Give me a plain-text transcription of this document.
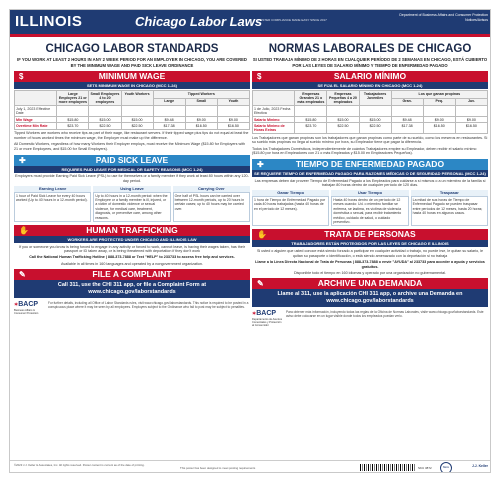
ILLINOIS	Chicago Labor Laws
POSTER COMPLIANCE MADE EASY SINCE 2017
Department of Business Affairs and Consumer Protection
Notices/Avisos
CHICAGO LABOR STANDARDS
IF YOU WORK AT LEAST 2 HOURS IN ANY 2 WEEK PERIOD FOR AN EMPLOYER IN CHICAGO, YOU ARE COVERED BY THE MINIMUM WAGE AND PAID SICK LEAVE ORDINANCE
$	MINIMUM WAGE
SETS MINIMUM WAGE IN CHICAGO (MCC 1-24)
	Large Employers 21 or more employees	Small Employers 4 to 20 employees	Youth Workers	Tipped Workers		
				Large	Small	Youth
July 1, 2023 Effective Date						
Min Wage	$15.80	$15.00	$15.00	$9.48	$9.00	$9.00
Overtime Min Rate	$23.70	$22.50	$22.50	$17.38	$16.50	$16.50
Tipped Workers are workers who receive tips as part of their wage, like restaurant servers. If their tipped wage plus tips do not equal at least the number of hours worked times the minimum wage, the Employer must make up the difference.
All Domestic Workers, regardless of how many Workers their Employer employs, must receive the Minimum Wage ($15.80 for Employers with 21 or more Employees, and $15.00 for Small Employers).
✚	PAID SICK LEAVE
REQUIRES PAID LEAVE FOR MEDICAL OR SAFETY REASONS (MCC 1-24)
Employers must provide Earning Paid Sick Leave (PSL) to use for themselves or a family member if they work at least 80 hours within any 120-day period.
Earning Leave
1 hour of Paid Sick Leave for every 40 hours worked (Up to 40 hours in a 12-month period).
Using Leave
Up to 40 hours in a 12-month period: when the Employee or a family member is ill, injured, or a victim of domestic violence or sexual violence, for medical care, treatment, diagnosis, or preventive care, among other reasons.
Carrying Over
One half of PSL hours can be carried over between 12-month periods, up to 20 hours in certain cases; up to 40 hours may be carried over.
✋	HUMAN TRAFFICKING
WORKERS ARE PROTECTED UNDER CHICAGO AND ILLINOIS LAW
If you or someone you know is being forced to engage in any activity or forced to work, cannot leave, is having their wages taken, has their passport or ID taken away, or is being threatened with deportation if they don't work
Call the National Human Trafficking Hotline | 888-373-7888 or Text "HELP" to 233733 to access free help and services.
Available in all times in 160 languages and operated by a nongovernment organization.
✎	FILE A COMPLAINT
Call 311, use the CHI 311 app, or file a Complaint Form at
www.chicago.gov/laborstandards
✶BACP
Business Affairs & Consumer Protection
For further details, including all Office of Labor Standards rules, visit www.chicago.gov/laborstandards. This notice is required to be posted in a conspicuous place where it may be seen by all employees. Employers subject to the Ordinance who fail to post may be subject to penalties.
NORMAS LABORALES DE CHICAGO
SI USTED TRABAJA MÍNIMO DE 2 HORAS EN CUALQUIER PERÍODO DE 2 SEMANAS EN CHICAGO, ESTÁ CUBIERTO POR LAS LEYES DE SALARIO MÍNIMO Y TIEMPO DE ENFERMEDAD PAGADO
$	SALARIO MÍNIMO
SE FIJA EL SALARIO MÍNIMO EN CHICAGO (MCC 1-24)
	Empresas Grandes 21 o más empleados	Empresas Pequeñas 4 a 20 empleados	Trabajadores Juveniles	Los que ganan propinas		
				Gran.	Peq.	Juv.
1 de Julio, 2023 Fecha Efectiva						
Salario Mínimo	$15.80	$15.00	$15.00	$9.48	$9.00	$9.00
Salario Mínimo de Horas Extras	$23.70	$22.50	$22.50	$17.38	$16.50	$16.50
Los Trabajadores que ganan propinas son los trabajadores que ganan propinas como parte de su sueldo, como los meseros en restaurantes. Si su sueldo más propinas no llega al sueldo mínimo por hora, su Empleador tiene que pagar la diferencia.
Todos los Trabajadores Domésticos, independientemente de cuántos Trabajadores emplee su Empleador, deben recibir el salario mínimo ($15.80 por hora en Empleadores con 21 o más Empleados y $15.00 en Empleadores Pequeños).
✚	TIEMPO DE ENFERMEDAD PAGADO
SE REQUIERE TIEMPO DE ENFERMEDAD PAGADO PARA RAZONES MÉDICAS O DE SEGURIDAD PERSONAL (MCC 1-24)
Las empresas deben dar proveer Tiempo de Enfermedad Pagado a los Empleados para cuidarse a sí mismos o a un miembro de la familia si trabajan 80 horas dentro de cualquier período de 120 días.
Ganar Tiempo
1 hora de Tiempo de Enfermedad Pagado por cada 40 horas trabajadas (hasta 40 horas de en el período de 12 meses).
Usar Tiempo
Hasta 40 horas dentro de un período de 12 meses cuando: Ud. o miembro familiar se enferma, se lastima, es víctima de violencia doméstica o sexual, para recibir tratamiento médico, cuidado de salud, o cuidado preventivo.
Traspasar
La mitad de sus horas de Tiempo de Enfermedad Pagado se pueden traspasar entre períodos de 12 meses, hasta 20 horas; hasta 40 horas en algunos casos.
✋	TRATA DE PERSONAS
TRABAJADORES ESTÁN PROTEGIDOS POR LAS LEYES DE CHICAGO E ILLINOIS
Si usted o alguien que usted conoce está siendo forzado a participar en cualquier actividad o trabajo, no puede irse, le quitan su salario, le quitan su pasaporte o identificación, o está siendo amenazado con la deportación si no trabaja
Llame a la Línea Directa Nacional de Trata de Personas | 888-373-7888 o envíe "AYUDA" al 233733 para acceder a ayuda y servicios gratuitos.
Disponible todo el tiempo en 160 idiomas y operado por una organización no gubernamental.
✎	ARCHIVE UNA DEMANDA
Llame al 311, use la aplicación CHI 311 app, o archive una Demanda en
www.chicago.gov/laborstandards
✶BACP
Departamento de Asuntos Comerciales y Protección al Consumidor
Para obtener más información, incluyendo todas las reglas de la Oficina de Normas Laborales, visite www.chicago.gov/laborstandards. Este aviso debe colocarse en un lugar visible donde todos los empleados puedan verlo.
©2023 J.J. Keller & Associates, Inc. All rights reserved. Poster content is current as of the date of printing.
This poster has been designed to meet posting requirements	SKU 3872	SEAL	J.J. Keller
